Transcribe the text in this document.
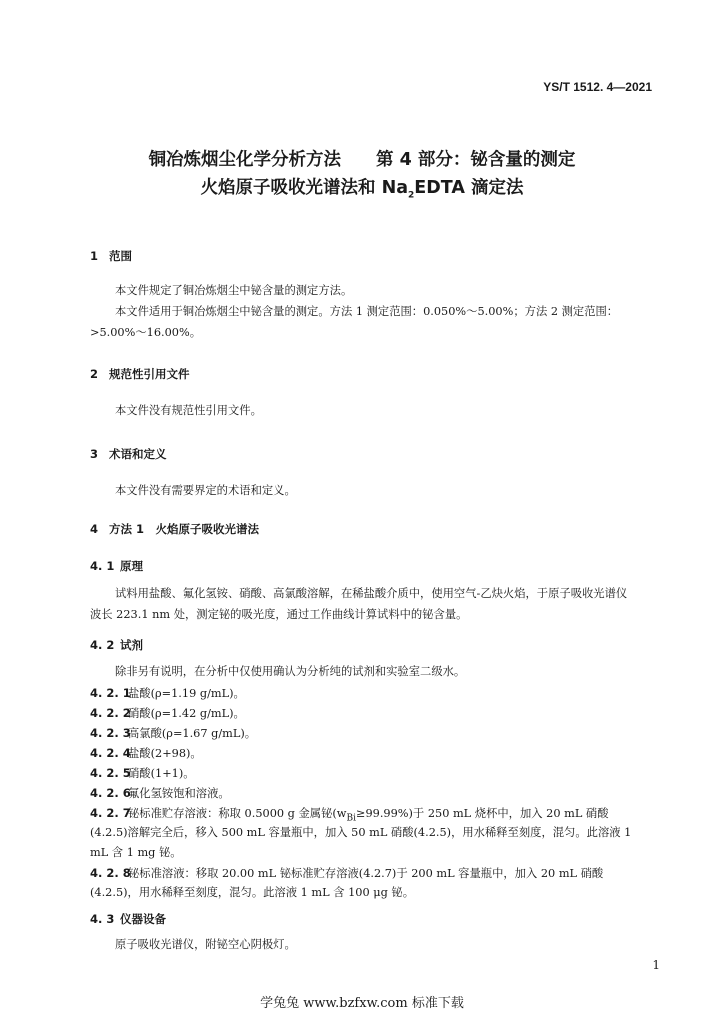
YS/T 1512. 4—2021
铜冶炼烟尘化学分析方法　　第 4 部分：铋含量的测定
火焰原子吸收光谱法和 $Na_2EDTA$ 滴定法
1 范围
本文件规定了铜冶炼烟尘中铋含量的测定方法。
本文件适用于铜冶炼烟尘中铋含量的测定。方法 1 测定范围：0.050%～5.00%；方法 2 测定范围：
>5.00%～16.00%。
2 规范性引用文件
本文件没有规范性引用文件。
3 术语和定义
本文件没有需要界定的术语和定义。
4 方法 1　火焰原子吸收光谱法
4. 1 原理
试料用盐酸、氟化氢铵、硝酸、高氯酸溶解，在稀盐酸介质中，使用空气-乙炔火焰，于原子吸收光谱仪
波长 223.1 nm 处，测定铋的吸光度，通过工作曲线计算试料中的铋含量。
4. 2 试剂
除非另有说明，在分析中仅使用确认为分析纯的试剂和实验室二级水。
4. 2. 1盐酸(ρ=1.19 g/mL)。
4. 2. 2硝酸(ρ=1.42 g/mL)。
4. 2. 3高氯酸(ρ=1.67 g/mL)。
4. 2. 4盐酸(2+98)。
4. 2. 5硝酸(1+1)。
4. 2. 6氟化氢铵饱和溶液。
4. 2. 7铋标准贮存溶液：称取 0.5000 g 金属铋$(w_{Bi}\ge 99.99\%)$于 250 mL 烧杯中，加入 20 mL 硝酸
(4.2.5)溶解完全后，移入 500 mL 容量瓶中，加入 50 mL 硝酸(4.2.5)，用水稀释至刻度，混匀。此溶液 1
mL 含 1 mg 铋。
4. 2. 8铋标准溶液：移取 20.00 mL 铋标准贮存溶液(4.2.7)于 200 mL 容量瓶中，加入 20 mL 硝酸
(4.2.5)，用水稀释至刻度，混匀。此溶液 1 mL 含 100 μg 铋。
4. 3 仪器设备
原子吸收光谱仪，附铋空心阴极灯。
1
学兔兔 www.bzfxw.com 标准下载
